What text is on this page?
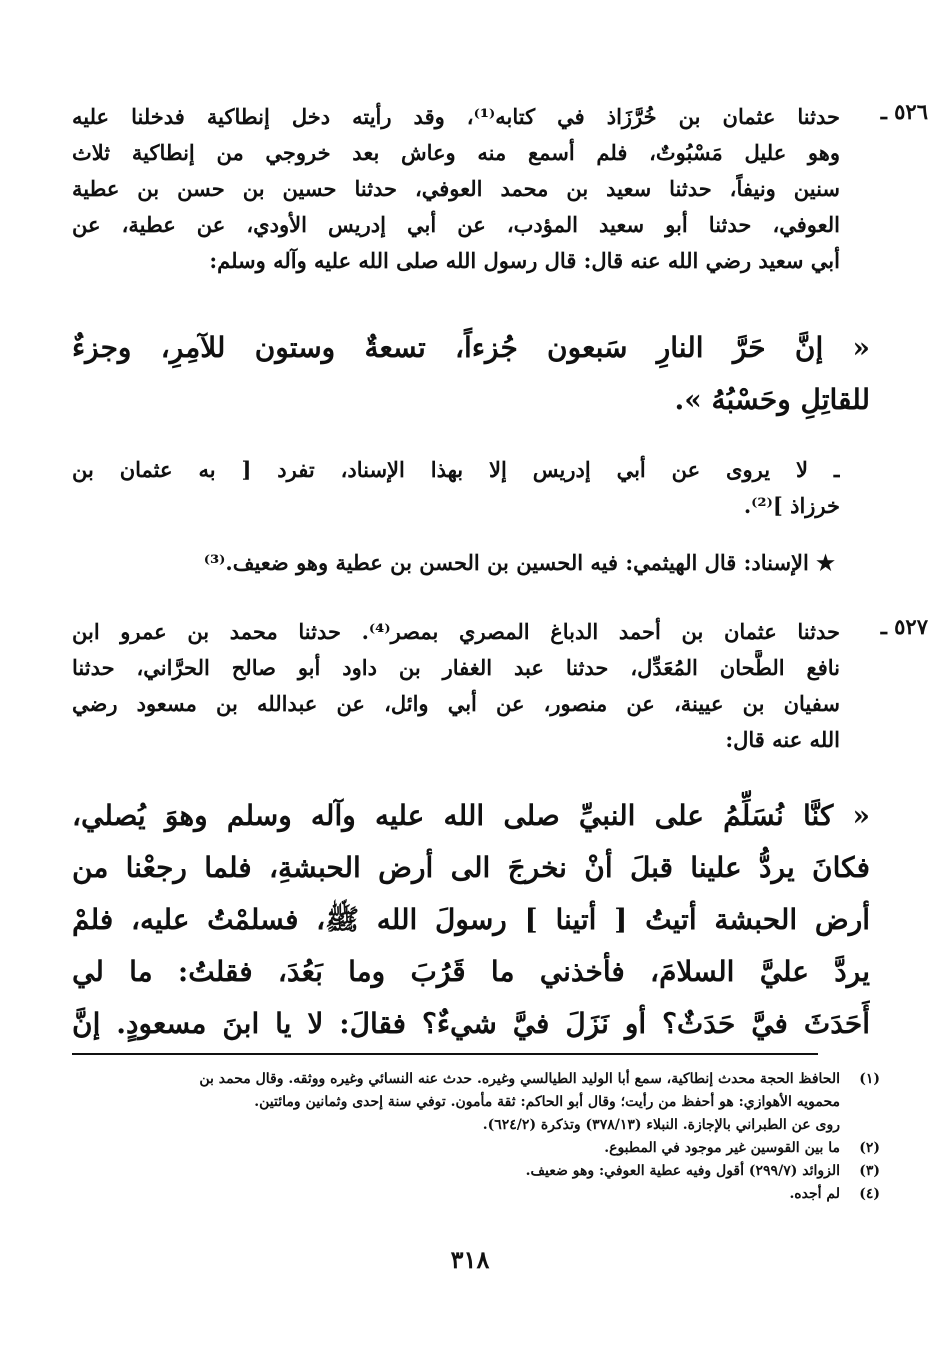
٥٢٦ ـ
حدثنا عثمان بن خُرَّزَاذ في كتابه⁽¹⁾، وقد رأيته دخل إنطاكية فدخلنا عليه
وهو عليل مَسْبُوتٌ، فلم أسمع منه وعاش بعد خروجي من إنطاكية ثلاث
سنين ونيفاً، حدثنا سعيد بن محمد العوفي، حدثنا حسين بن حسن بن عطية
العوفي، حدثنا أبو سعيد المؤدب، عن أبي إدريس الأودي، عن عطية، عن
أبي سعيد رضي الله عنه قال: قال رسول الله صلى الله عليه وآله وسلم:
« إنَّ حَرَّ النارِ سَبعون جُزءاً، تسعةٌ وستون للآمِرِ، وجزءٌ
للقاتِلِ وحَسْبُهُ ».
ـ لا يروى عن أبي إدريس إلا بهذا الإسناد، تفرد [ به عثمان بن
خرزاذ ]⁽²⁾.
★ الإسناد: قال الهيثمي: فيه الحسين بن الحسن بن عطية وهو ضعيف.⁽³⁾
٥٢٧ ـ
حدثنا عثمان بن أحمد الدباغ المصري بمصر⁽⁴⁾. حدثنا محمد بن عمرو ابن
نافع الطَّحان المُعَدِّل، حدثنا عبد الغفار بن داود أبو صالح الحرَّاني، حدثنا
سفيان بن عيينة، عن منصور، عن أبي وائل، عن عبدالله بن مسعود رضي
الله عنه قال:
« كنَّا نُسَلِّمُ على النبيِّ صلى الله عليه وآله وسلم وهوَ يُصلي،
فكانَ يردُّ علينا قبلَ أنْ نخرجَ الى أرض الحبشةِ، فلما رجعْنا من
أرض الحبشة أتيتُ [ أتينا ] رسولَ الله ﷺ، فسلمْتُ عليه، فلمْ
يردَّ عليَّ السلامَ، فأخذني ما قَرُبَ وما بَعُدَ، فقلتُ: ما لي
أَحَدَثَ فيَّ حَدَثٌ؟ أو نَزَلَ فيَّ شيءٌ؟ فقالَ: لا يا ابنَ مسعودٍ. إنَّ
(١)
الحافظ الحجة محدث إنطاكية، سمع أبا الوليد الطيالسي وغيره. حدث عنه النسائي وغيره ووثقه. وقال محمد بن
محمويه الأهوازي: هو أحفظ من رأيت؛ وقال أبو الحاكم: ثقة مأمون. توفي سنة إحدى وثمانين ومائتين.
روى عن الطبراني بالإجازة. النبلاء (٣٧٨/١٣) وتذكرة (٦٢٤/٢).
(٢)
ما بين القوسين غير موجود في المطبوع.
(٣)
الزوائد (٢٩٩/٧) أقول وفيه عطية العوفي: وهو ضعيف.
(٤)
لم أجده.
٣١٨
